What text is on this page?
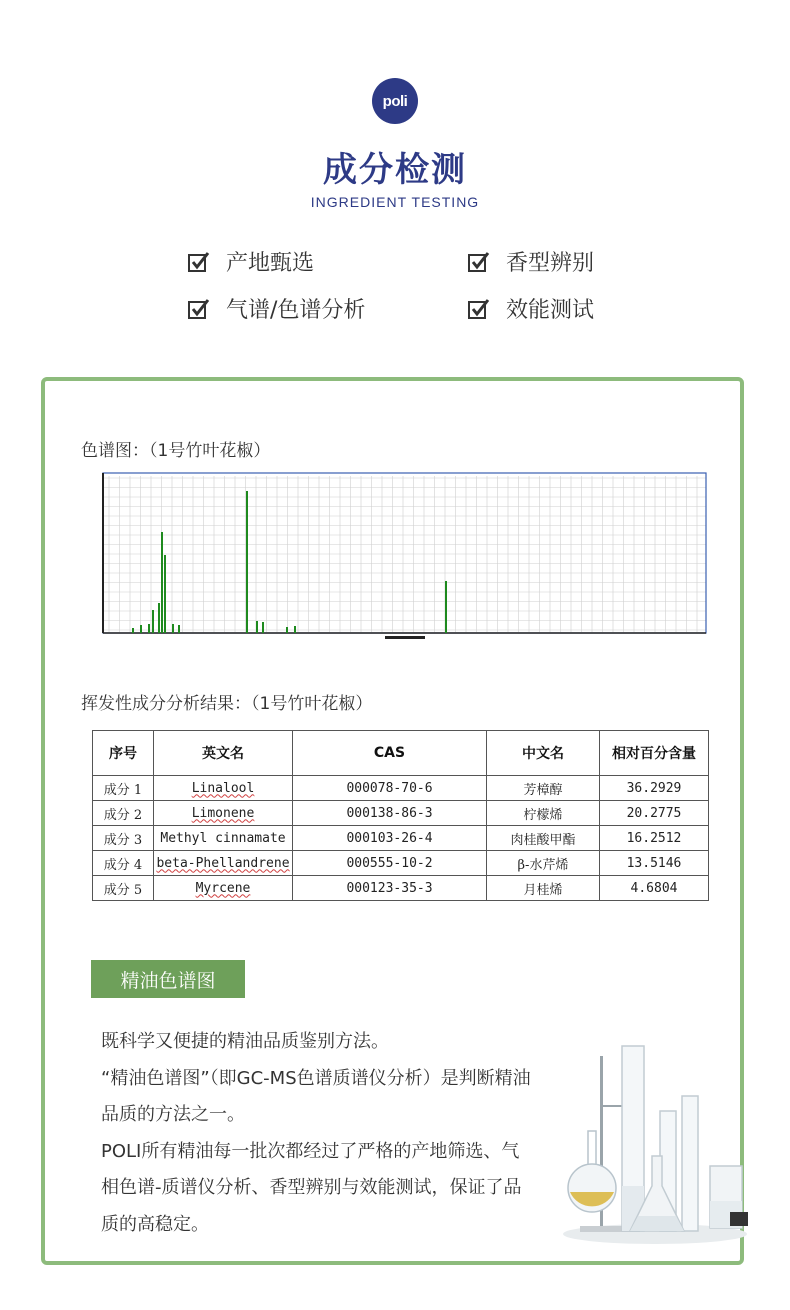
poli
成分检测
INGREDIENT TESTING
产地甄选	香型辨别
气谱/色谱分析	效能测试
色谱图：（1号竹叶花椒）
挥发性成分分析结果：（1号竹叶花椒）
序号	英文名	CAS	中文名	相对百分含量
成分 1	Linalool	000078-70-6	芳樟醇	36.2929
成分 2	Limonene	000138-86-3	柠檬烯	20.2775
成分 3	Methyl cinnamate	000103-26-4	肉桂酸甲酯	16.2512
成分 4	beta-Phellandrene	000555-10-2	β-水芹烯	13.5146
成分 5	Myrcene	000123-35-3	月桂烯	4.6804
精油色谱图

既科学又便捷的精油品质鉴别方法。

“精油色谱图”（即GC-MS色谱质谱仪分析）是判断精油品质的方法之一。

POLI所有精油每一批次都经过了严格的产地筛选、气相色谱-质谱仪分析、香型辨别与效能测试，保证了品质的高稳定。
